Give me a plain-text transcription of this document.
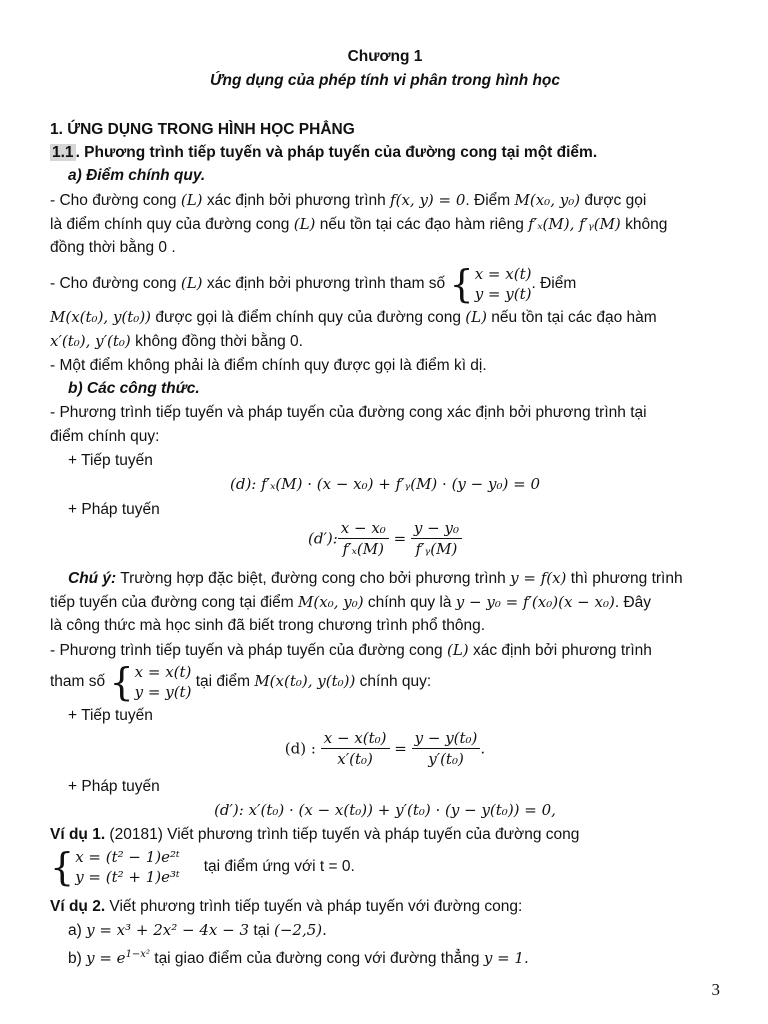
Chương 1
Ứng dụng của phép tính vi phân trong hình học
1. ỨNG DỤNG TRONG HÌNH HỌC PHẲNG
1.1 . Phương trình tiếp tuyến và pháp tuyến của đường cong tại một điểm.
a) Điểm chính quy.
- Cho đường cong (L) xác định bởi phương trình f(x, y) = 0. Điểm M(x₀, y₀) được gọi
là điểm chính quy của đường cong (L) nếu tồn tại các đạo hàm riêng f′ₓ(M), f′ᵧ(M) không
đồng thời bằng 0 .
- Cho đường cong (L) xác định bởi phương trình tham số { x = x(t)
y = y(t)
. Điểm
M(x(t₀), y(t₀)) được gọi là điểm chính quy của đường cong (L) nếu tồn tại các đạo hàm
x′(t₀), y′(t₀) không đồng thời bằng 0.
- Một điểm không phải là điểm chính quy được gọi là điểm kì dị.
b) Các công thức.
- Phương trình tiếp tuyến và pháp tuyến của đường cong xác định bởi phương trình tại
điểm chính quy:
+ Tiếp tuyến
(d): f′ₓ(M) · (x − x₀) + f′ᵧ(M) · (y − y₀) = 0
+ Pháp tuyến
(d′): $\frac{\text{x − x₀}}{\text{f′ₓ(M)}} = \frac{\text{y − y₀}}{\text{f′ᵧ(M)}}$
Chú ý: Trường hợp đặc biệt, đường cong cho bởi phương trình y = f(x) thì phương trình
tiếp tuyến của đường cong tại điểm M(x₀, y₀) chính quy là y − y₀ = f′(x₀)(x − x₀). Đây
là công thức mà học sinh đã biết trong chương trình phổ thông.
- Phương trình tiếp tuyến và pháp tuyến của đường cong (L) xác định bởi phương trình
tham số { x = x(t)
y = y(t)
tại điểm M(x(t₀), y(t₀)) chính quy:
+ Tiếp tuyến
(d) : $\frac{\text{x − x(t₀)}}{\text{x′(t₀)}} = \frac{\text{y − y(t₀)}}{\text{y′(t₀)}}$ .
+ Pháp tuyến
(d′): x′(t₀) · (x − x(t₀)) + y′(t₀) · (y − y(t₀)) = 0,
Ví dụ 1. (20181) Viết phương trình tiếp tuyến và pháp tuyến của đường cong
{ x = (t² − 1)e²ᵗ
y = (t² + 1)e³ᵗ
tại điểm ứng với t = 0.
Ví dụ 2. Viết phương trình tiếp tuyến và pháp tuyến với đường cong:
a) y = x³ + 2x² − 4x − 3 tại (−2,5).
b) $y = e^{1-x^2}$ tại giao điểm của đường cong với đường thẳng y = 1.
3
